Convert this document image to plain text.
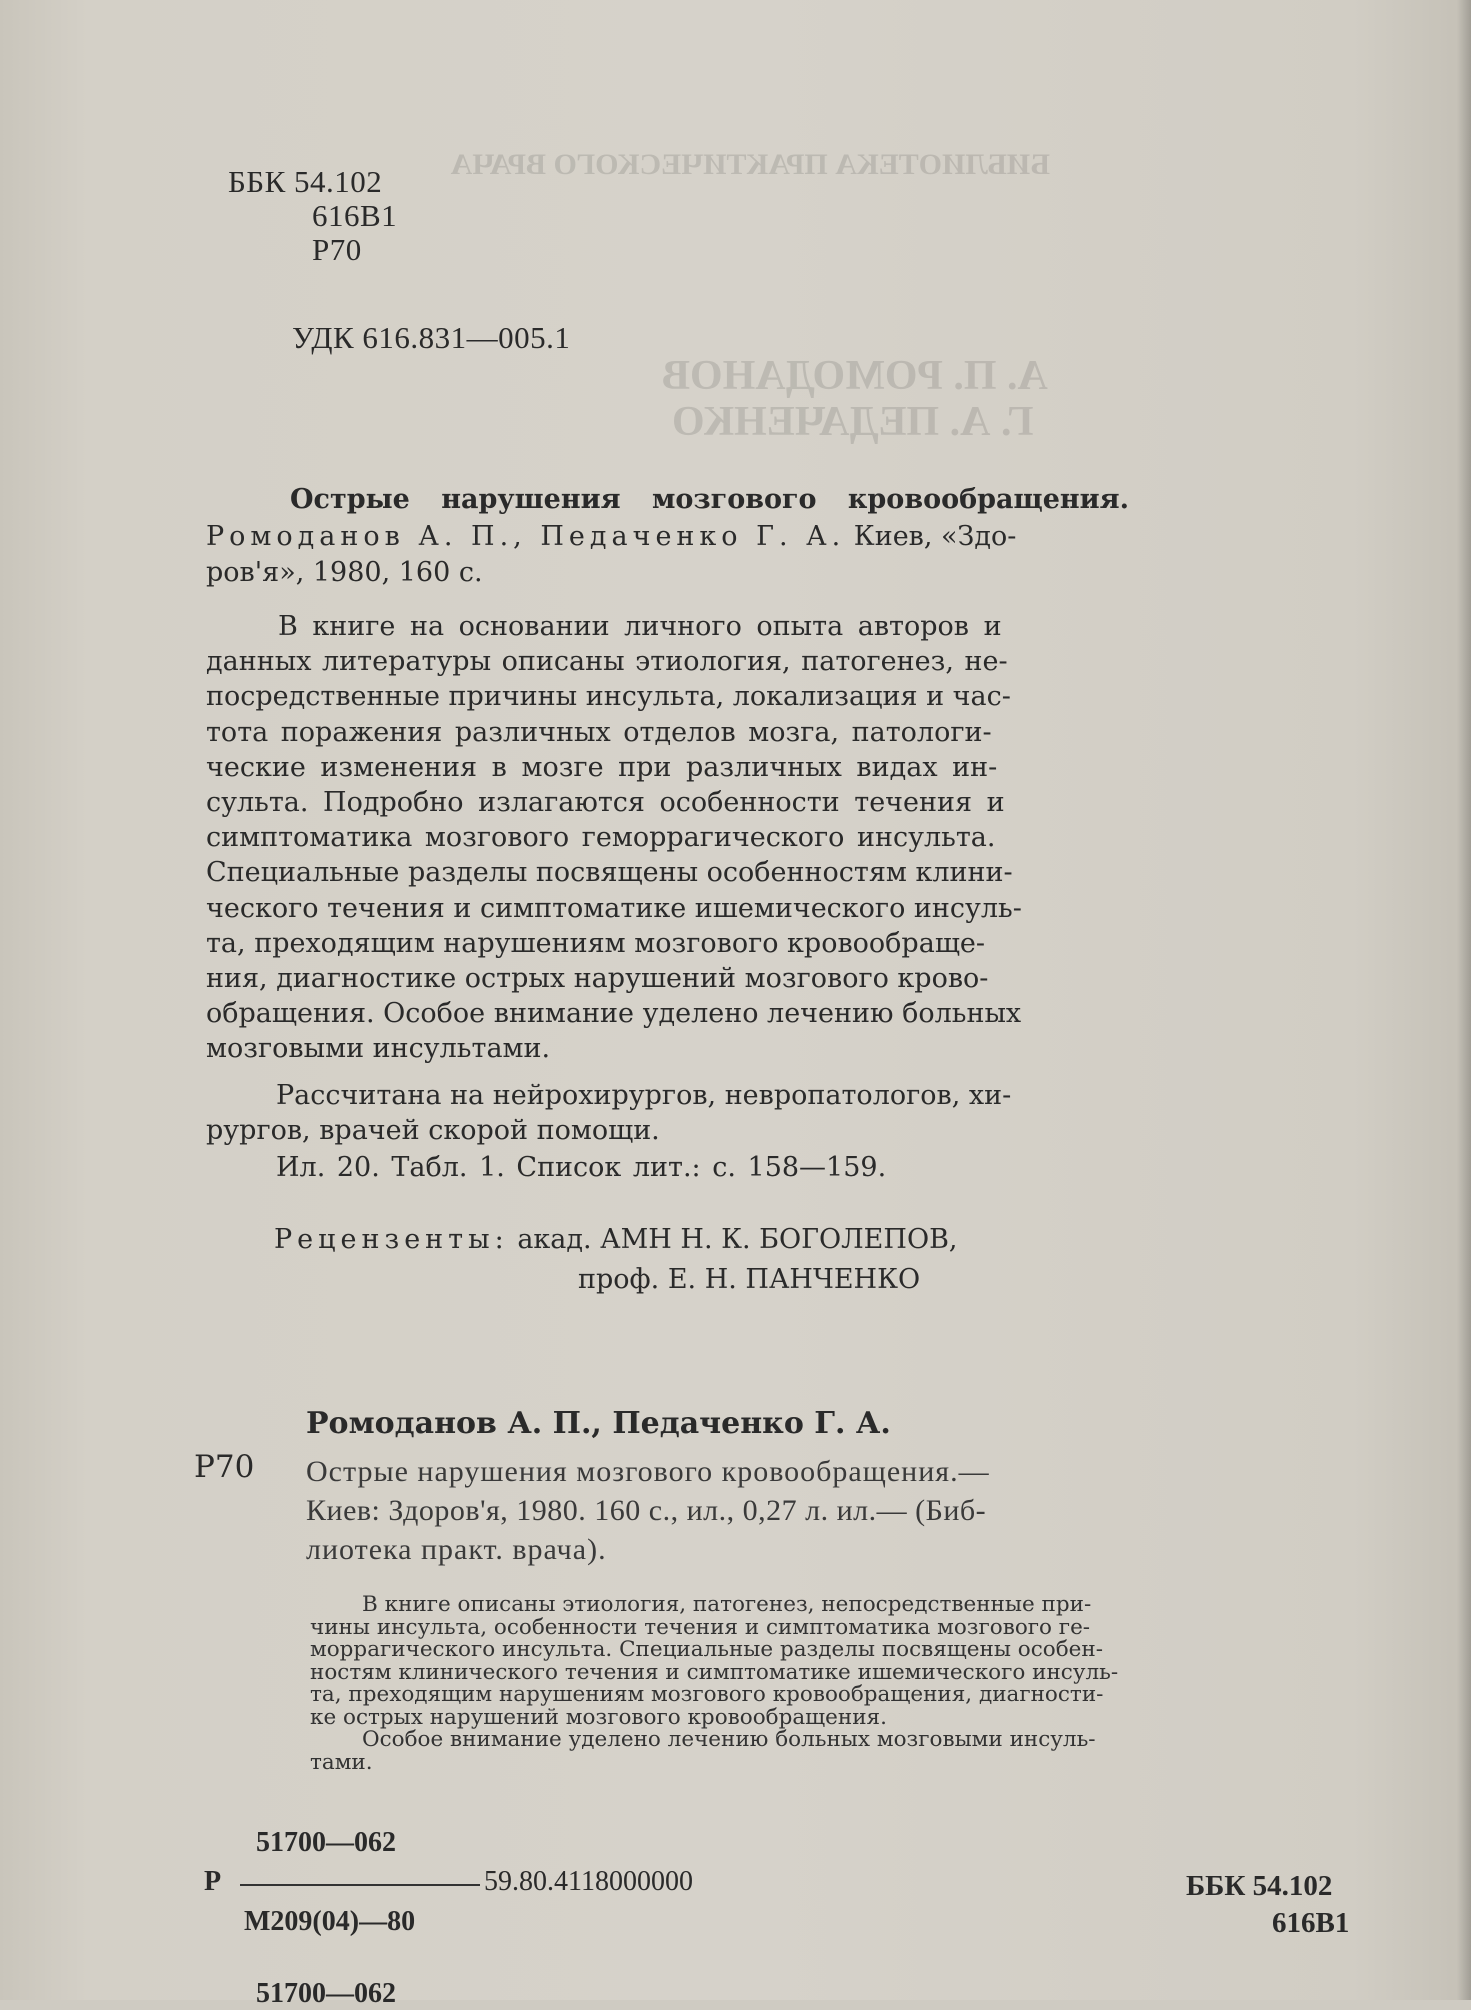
БИБЛИОТЕКА ПРАКТИЧЕСКОГО ВРАЧА
А. П. РОМОДАНОВ
Г. А. ПЕДАЧЕНКО
ББК 54.102
616В1
Р70
УДК 616.831—005.1
Острые нарушения мозгового кровообращения.
Ромоданов А. П., Педаченко Г. А. Киев, «Здо-
ров'я», 1980, 160 с.
В книге на основании личного опыта авторов и
данных литературы описаны этиология, патогенез, не-
посредственные причины инсульта, локализация и час-
тота поражения различных отделов мозга, патологи-
ческие изменения в мозге при различных видах ин-
сульта. Подробно излагаются особенности течения и
симптоматика мозгового геморрагического инсульта.
Специальные разделы посвящены особенностям клини-
ческого течения и симптоматике ишемического инсуль-
та, преходящим нарушениям мозгового кровообраще-
ния, диагностике острых нарушений мозгового крово-
обращения. Особое внимание уделено лечению больных
мозговыми инсультами.
Рассчитана на нейрохирургов, невропатологов, хи-
рургов, врачей скорой помощи.
Ил. 20. Табл. 1. Список лит.: с. 158—159.
Рецензенты: акад. АМН Н. К. БОГОЛЕПОВ,
проф. Е. Н. ПАНЧЕНКО
Ромоданов А. П., Педаченко Г. А.
Р70 Острые нарушения мозгового кровообращения.—
Киев: Здоров'я, 1980. 160 с., ил., 0,27 л. ил.— (Биб-
лиотека практ. врача).
В книге описаны этиология, патогенез, непосредственные при-
чины инсульта, особенности течения и симптоматика мозгового ге-
моррагического инсульта. Специальные разделы посвящены особен-
ностям клинического течения и симптоматике ишемического инсуль-
та, преходящим нарушениям мозгового кровообращения, диагности-
ке острых нарушений мозгового кровообращения.
Особое внимание уделено лечению больных мозговыми инсуль-
тами.
51700—062
Р	59.80.4118000000
М209(04)—80
ББК 54.102
616В1
51700—062
